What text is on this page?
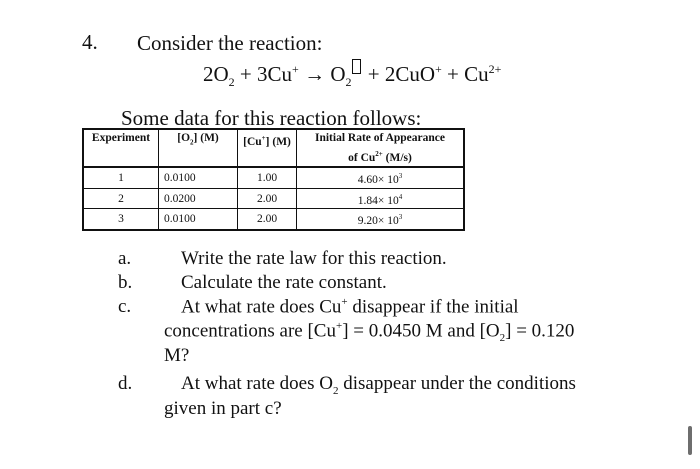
4. Consider the reaction:
$2O_2 + 3Cu^+ \to O_2 + 2CuO^+ + Cu^{2+}$
Some data for this reaction follows:
Experiment	$[O_2]$ (M)	[Cu+] (M)	Initial Rate of Appearance
of $Cu^{2+}$ (M/s)

1	0.0100	1.00	$4.60\times 10^3$
2	0.0200	2.00	$1.84\times 10^4$
3	0.0100	2.00	$9.20\times 10^3$
a.	Write the rate law for this reaction.
b.	Calculate the rate constant.
c.	At what rate does Cu+ disappear if the initial
concentrations are [Cu+] = 0.0450 M and $[O_2] = 0.120$
M?
d.	At what rate does $O_2$ disappear under the conditions
given in part c?
